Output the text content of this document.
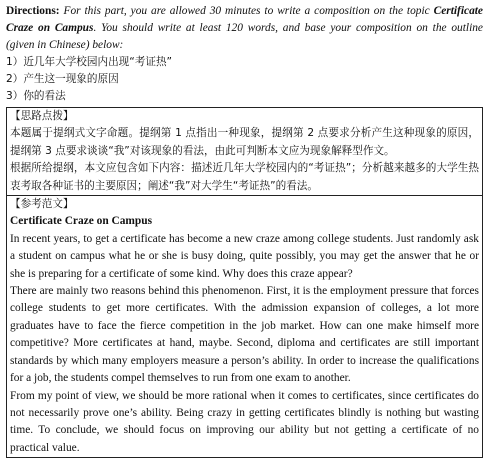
Directions: For this part, you are allowed 30 minutes to write a composition on the topic Certificate Craze on Campus. You should write at least 120 words, and base your composition on the outline (given in Chinese) below:

1）近几年大学校园内出现“考证热”

2）产生这一现象的原因

3）你的看法

【思路点拨】

本题属于提纲式文字命题。提纲第 1 点指出一种现象，提纲第 2 点要求分析产生这种现象的原因，提纲第 3 点要求谈谈“我”对该现象的看法，由此可判断本文应为现象解释型作文。

根据所给提纲，本文应包含如下内容：描述近几年大学校园内的“考证热”；分析越来越多的大学生热衷考取各种证书的主要原因；阐述“我”对大学生“考证热”的看法。

【参考范文】

Certificate Craze on Campus

In recent years, to get a certificate has become a new craze among college students. Just randomly ask a student on campus what he or she is busy doing, quite possibly, you may get the answer that he or she is preparing for a certificate of some kind. Why does this craze appear?

There are mainly two reasons behind this phenomenon. First, it is the employment pressure that forces college students to get more certificates. With the admission expansion of colleges, a lot more graduates have to face the fierce competition in the job market. How can one make himself more competitive? More certificates at hand, maybe. Second, diploma and certificates are still important standards by which many employers measure a person’s ability. In order to increase the qualifications for a job, the students compel themselves to run from one exam to another.

From my point of view, we should be more rational when it comes to certificates, since certificates do not necessarily prove one’s ability. Being crazy in getting certificates blindly is nothing but wasting time. To conclude, we should focus on improving our ability but not getting a certificate of no practical value.
